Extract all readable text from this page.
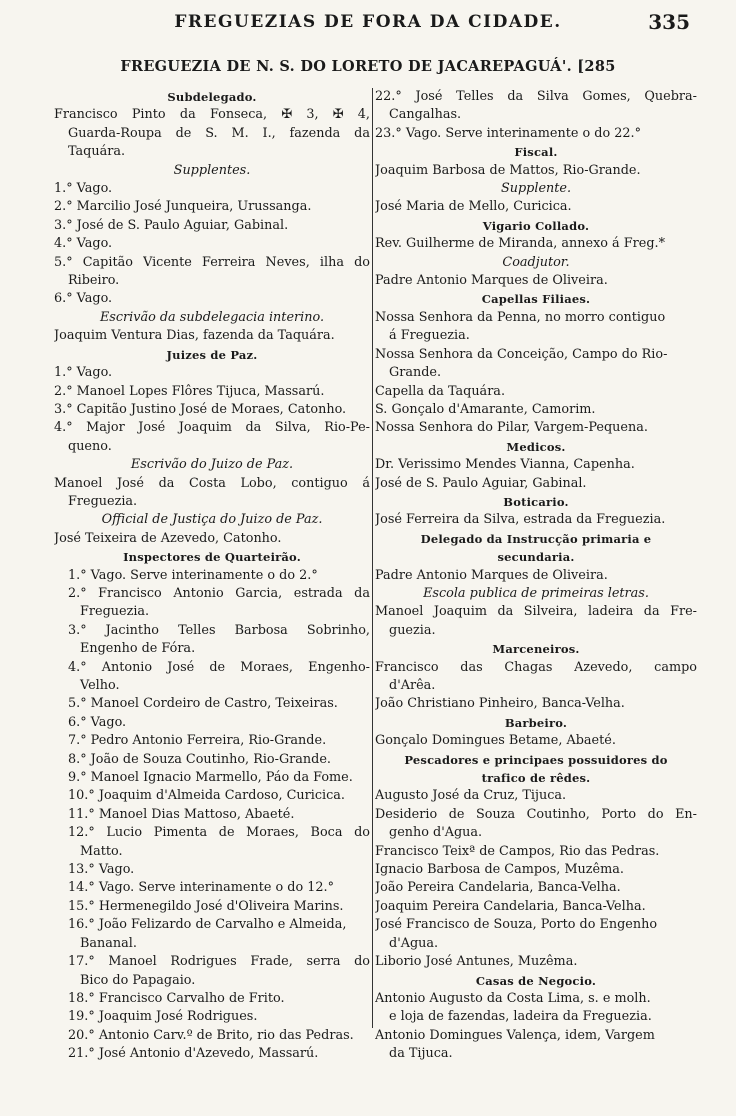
FREGUEZIAS DE FORA DA CIDADE.	335
FREGUEZIA DE N. S. DO LORETO DE JACAREPAGUÁ'. [285
Subdelegado.
Francisco Pinto da Fonseca, ✠ 3, ✠ 4,
Guarda-Roupa de S. M. I., fazenda da
Taquára.
Supplentes.
1.° Vago.
2.° Marcilio José Junqueira, Urussanga.
3.° José de S. Paulo Aguiar, Gabinal.
4.° Vago.
5.° Capitão Vicente Ferreira Neves, ilha do
Ribeiro.
6.° Vago.
Escrivão da subdelegacia interino.
Joaquim Ventura Dias, fazenda da Taquára.
Juizes de Paz.
1.° Vago.
2.° Manoel Lopes Flôres Tijuca, Massarú.
3.° Capitão Justino José de Moraes, Catonho.
4.° Major José Joaquim da Silva, Rio-Pe-
queno.
Escrivão do Juizo de Paz.
Manoel José da Costa Lobo, contiguo á
Freguezia.
Official de Justiça do Juizo de Paz.
José Teixeira de Azevedo, Catonho.
Inspectores de Quarteirão.
1.° Vago. Serve interinamente o do 2.°
2.° Francisco Antonio Garcia, estrada da
Freguezia.
3.° Jacintho Telles Barbosa Sobrinho,
Engenho de Fóra.
4.° Antonio José de Moraes, Engenho-
Velho.
5.° Manoel Cordeiro de Castro, Teixeiras.
6.° Vago.
7.° Pedro Antonio Ferreira, Rio-Grande.
8.° João de Souza Coutinho, Rio-Grande.
9.° Manoel Ignacio Marmello, Páo da Fome.
10.° Joaquim d'Almeida Cardoso, Curicica.
11.° Manoel Dias Mattoso, Abaeté.
12.° Lucio Pimenta de Moraes, Boca do
Matto.
13.° Vago.
14.° Vago. Serve interinamente o do 12.°
15.° Hermenegildo José d'Oliveira Marins.
16.° João Felizardo de Carvalho e Almeida,
Bananal.
17.° Manoel Rodrigues Frade, serra do
Bico do Papagaio.
18.° Francisco Carvalho de Frito.
19.° Joaquim José Rodrigues.
20.° Antonio Carv.º de Brito, rio das Pedras.
21.° José Antonio d'Azevedo, Massarú.
22.° José Telles da Silva Gomes, Quebra-
Cangalhas.
23.° Vago. Serve interinamente o do 22.°
Fiscal.
Joaquim Barbosa de Mattos, Rio-Grande.
Supplente.
José Maria de Mello, Curicica.
Vigario Collado.
Rev. Guilherme de Miranda, annexo á Freg.*
Coadjutor.
Padre Antonio Marques de Oliveira.
Capellas Filiaes.
Nossa Senhora da Penna, no morro contiguo
á Freguezia.
Nossa Senhora da Conceição, Campo do Rio-
Grande.
Capella da Taquára.
S. Gonçalo d'Amarante, Camorim.
Nossa Senhora do Pilar, Vargem-Pequena.
Medicos.
Dr. Verissimo Mendes Vianna, Capenha.
José de S. Paulo Aguiar, Gabinal.
Boticario.
José Ferreira da Silva, estrada da Freguezia.
Delegado da Instrucção primaria e
secundaria.
Padre Antonio Marques de Oliveira.
Escola publica de primeiras letras.
Manoel Joaquim da Silveira, ladeira da Fre-
guezia.
Marceneiros.
Francisco das Chagas Azevedo, campo
d'Arêa.
João Christiano Pinheiro, Banca-Velha.
Barbeiro.
Gonçalo Domingues Betame, Abaeté.
Pescadores e principaes possuidores do
trafico de rêdes.
Augusto José da Cruz, Tijuca.
Desiderio de Souza Coutinho, Porto do En-
genho d'Agua.
Francisco Teixª de Campos, Rio das Pedras.
Ignacio Barbosa de Campos, Muzêma.
João Pereira Candelaria, Banca-Velha.
Joaquim Pereira Candelaria, Banca-Velha.
José Francisco de Souza, Porto do Engenho
d'Agua.
Liborio José Antunes, Muzêma.
Casas de Negocio.
Antonio Augusto da Costa Lima, s. e molh.
e loja de fazendas, ladeira da Freguezia.
Antonio Domingues Valença, idem, Vargem
da Tijuca.
